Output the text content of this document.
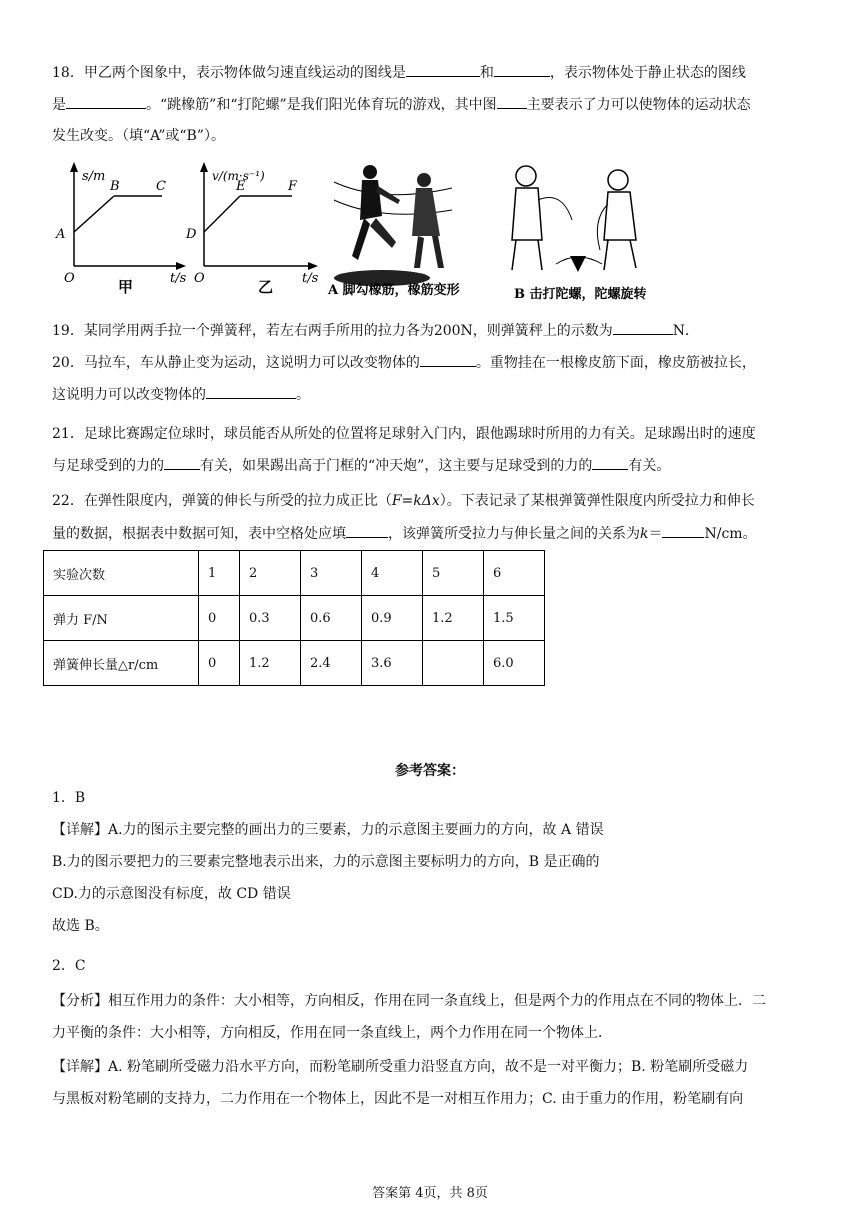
18．甲乙两个图象中，表示物体做匀速直线运动的图线是	和	，表示物体处于静止状态的图线
是	。“跳橡筋”和“打陀螺”是我们阳光体育玩的游戏，其中图 主要表示了力可以使物体的运动状态
发生改变。（填“A”或“B”）。
s/m
A
B	C
O	t/s
甲
v/(m·s⁻¹)
D
E	F
O	t/s
乙	A 脚勾橡筋，橡筋变形	B 击打陀螺，陀螺旋转
19．某同学用两手拉一个弹簧秤，若左右两手所用的拉力各为200N，则弹簧秤上的示数为	N．
20．马拉车，车从静止变为运动，这说明力可以改变物体的	。重物挂在一根橡皮筋下面，橡皮筋被拉长，
这说明力可以改变物体的	。
21．足球比赛踢定位球时，球员能否从所处的位置将足球射入门内，跟他踢球时所用的力有关。足球踢出时的速度
与足球受到的力的	有关，如果踢出高于门框的“冲天炮”，这主要与足球受到的力的	有关。
22．在弹性限度内，弹簧的伸长与所受的拉力成正比（F=kΔx）。下表记录了某根弹簧弹性限度内所受拉力和伸长
量的数据，根据表中数据可知，表中空格处应填	，该弹簧所受拉力与伸长量之间的关系为k＝	N/cm。
实验次数	1	2	3	4	5	6
弹力 F/N	0	0.3	0.6	0.9	1.2	1.5
弹簧伸长量△r/cm	0	1.2	2.4	3.6		6.0
参考答案：
1．B
【详解】A.力的图示主要完整的画出力的三要素，力的示意图主要画力的方向，故 A 错误
B.力的图示要把力的三要素完整地表示出来，力的示意图主要标明力的方向，B 是正确的
CD.力的示意图没有标度，故 CD 错误
故选 B。
2．C
【分析】相互作用力的条件：大小相等，方向相反，作用在同一条直线上，但是两个力的作用点在不同的物体上．二
力平衡的条件：大小相等，方向相反，作用在同一条直线上，两个力作用在同一个物体上．
【详解】A. 粉笔刷所受磁力沿水平方向，而粉笔刷所受重力沿竖直方向，故不是一对平衡力；B. 粉笔刷所受磁力
与黑板对粉笔刷的支持力，二力作用在一个物体上，因此不是一对相互作用力；C. 由于重力的作用，粉笔刷有向
答案第 4页，共 8页
